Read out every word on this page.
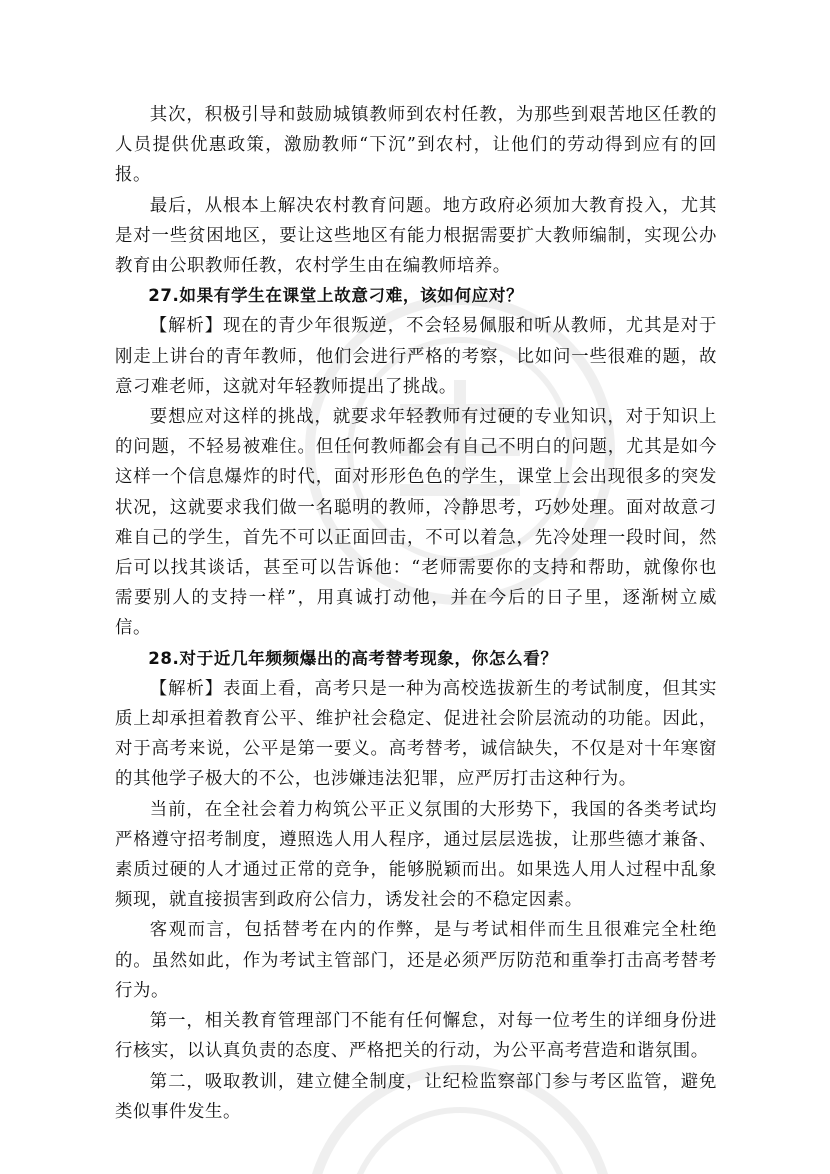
其次，积极引导和鼓励城镇教师到农村任教，为那些到艰苦地区任教的人员提供优惠政策，激励教师“下沉”到农村，让他们的劳动得到应有的回报。

最后，从根本上解决农村教育问题。地方政府必须加大教育投入，尤其是对一些贫困地区，要让这些地区有能力根据需要扩大教师编制，实现公办教育由公职教师任教，农村学生由在编教师培养。

27.如果有学生在课堂上故意刁难，该如何应对？

【解析】现在的青少年很叛逆，不会轻易佩服和听从教师，尤其是对于刚走上讲台的青年教师，他们会进行严格的考察，比如问一些很难的题，故意刁难老师，这就对年轻教师提出了挑战。

要想应对这样的挑战，就要求年轻教师有过硬的专业知识，对于知识上的问题，不轻易被难住。但任何教师都会有自己不明白的问题，尤其是如今这样一个信息爆炸的时代，面对形形色色的学生，课堂上会出现很多的突发状况，这就要求我们做一名聪明的教师，冷静思考，巧妙处理。面对故意刁难自己的学生，首先不可以正面回击，不可以着急，先冷处理一段时间，然后可以找其谈话，甚至可以告诉他：“老师需要你的支持和帮助，就像你也需要别人的支持一样”，用真诚打动他，并在今后的日子里，逐渐树立威信。

28.对于近几年频频爆出的高考替考现象，你怎么看？

【解析】表面上看，高考只是一种为高校选拔新生的考试制度，但其实质上却承担着教育公平、维护社会稳定、促进社会阶层流动的功能。因此，对于高考来说，公平是第一要义。高考替考，诚信缺失，不仅是对十年寒窗的其他学子极大的不公，也涉嫌违法犯罪，应严厉打击这种行为。

当前，在全社会着力构筑公平正义氛围的大形势下，我国的各类考试均严格遵守招考制度，遵照选人用人程序，通过层层选拔，让那些德才兼备、素质过硬的人才通过正常的竞争，能够脱颖而出。如果选人用人过程中乱象频现，就直接损害到政府公信力，诱发社会的不稳定因素。

客观而言，包括替考在内的作弊，是与考试相伴而生且很难完全杜绝的。虽然如此，作为考试主管部门，还是必须严厉防范和重拳打击高考替考行为。

第一，相关教育管理部门不能有任何懈怠，对每一位考生的详细身份进行核实，以认真负责的态度、严格把关的行动，为公平高考营造和谐氛围。

第二，吸取教训，建立健全制度，让纪检监察部门参与考区监管，避免类似事件发生。
